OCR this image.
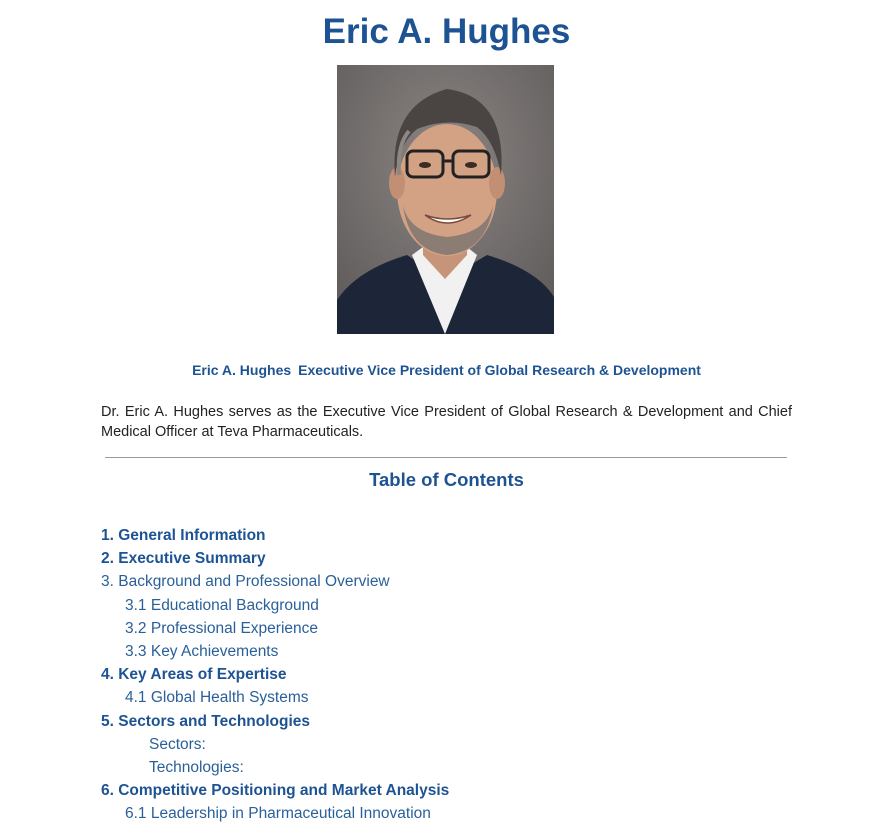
Eric A. Hughes
Eric A. Hughes Executive Vice President of Global Research & Development

Dr. Eric A. Hughes serves as the Executive Vice President of Global Research & Development and Chief Medical Officer at Teva Pharmaceuticals.

Table of Contents
1. General Information
2. Executive Summary
3. Background and Professional Overview
3.1 Educational Background
3.2 Professional Experience
3.3 Key Achievements
4. Key Areas of Expertise
4.1 Global Health Systems
5. Sectors and Technologies
Sectors:
Technologies:
6. Competitive Positioning and Market Analysis
6.1 Leadership in Pharmaceutical Innovation
